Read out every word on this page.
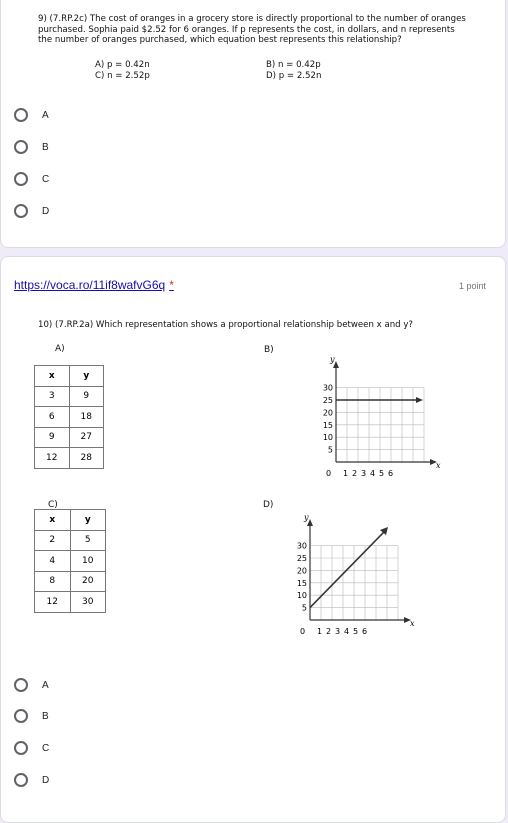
9) (7.RP.2c) The cost of oranges in a grocery store is directly proportional to the number of oranges purchased. Sophia paid $2.52 for 6 oranges. If p represents the cost, in dollars, and n represents the number of oranges purchased, which equation best represents this relationship?
A) p = 0.42n
C) n = 2.52p
B) n = 0.42p
D) p = 2.52n
A
B
C
D
https://voca.ro/11if8wafvG6q *	1 point
10) (7.RP.2a) Which representation shows a proportional relationship between x and y?
A)	B)
C)	D)
x	y
3	9
6	18
9	27
12	28
x	y
2	5
4	10
8	20
12	30
y
x
0
30
25
20
15
10
5
1 2 3 4 5 6
y
x
0
30
25
20
15
10
5
1 2 3 4 5 6
A
B
C
D
